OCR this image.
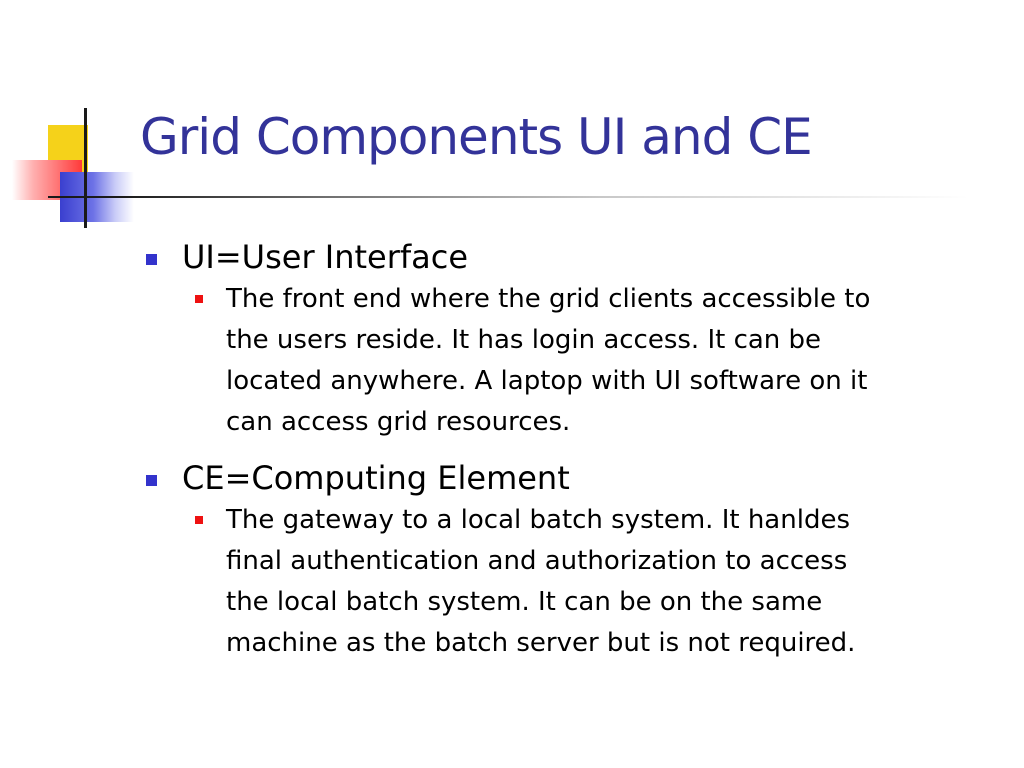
Grid Components UI and CE
UI=User Interface
The front end where the grid clients accessible to
the users reside. It has login access. It can be
located anywhere. A laptop with UI software on it
can access grid resources.
CE=Computing Element
The gateway to a local batch system. It hanldes
final authentication and authorization to access
the local batch system. It can be on the same
machine as the batch server but is not required.
